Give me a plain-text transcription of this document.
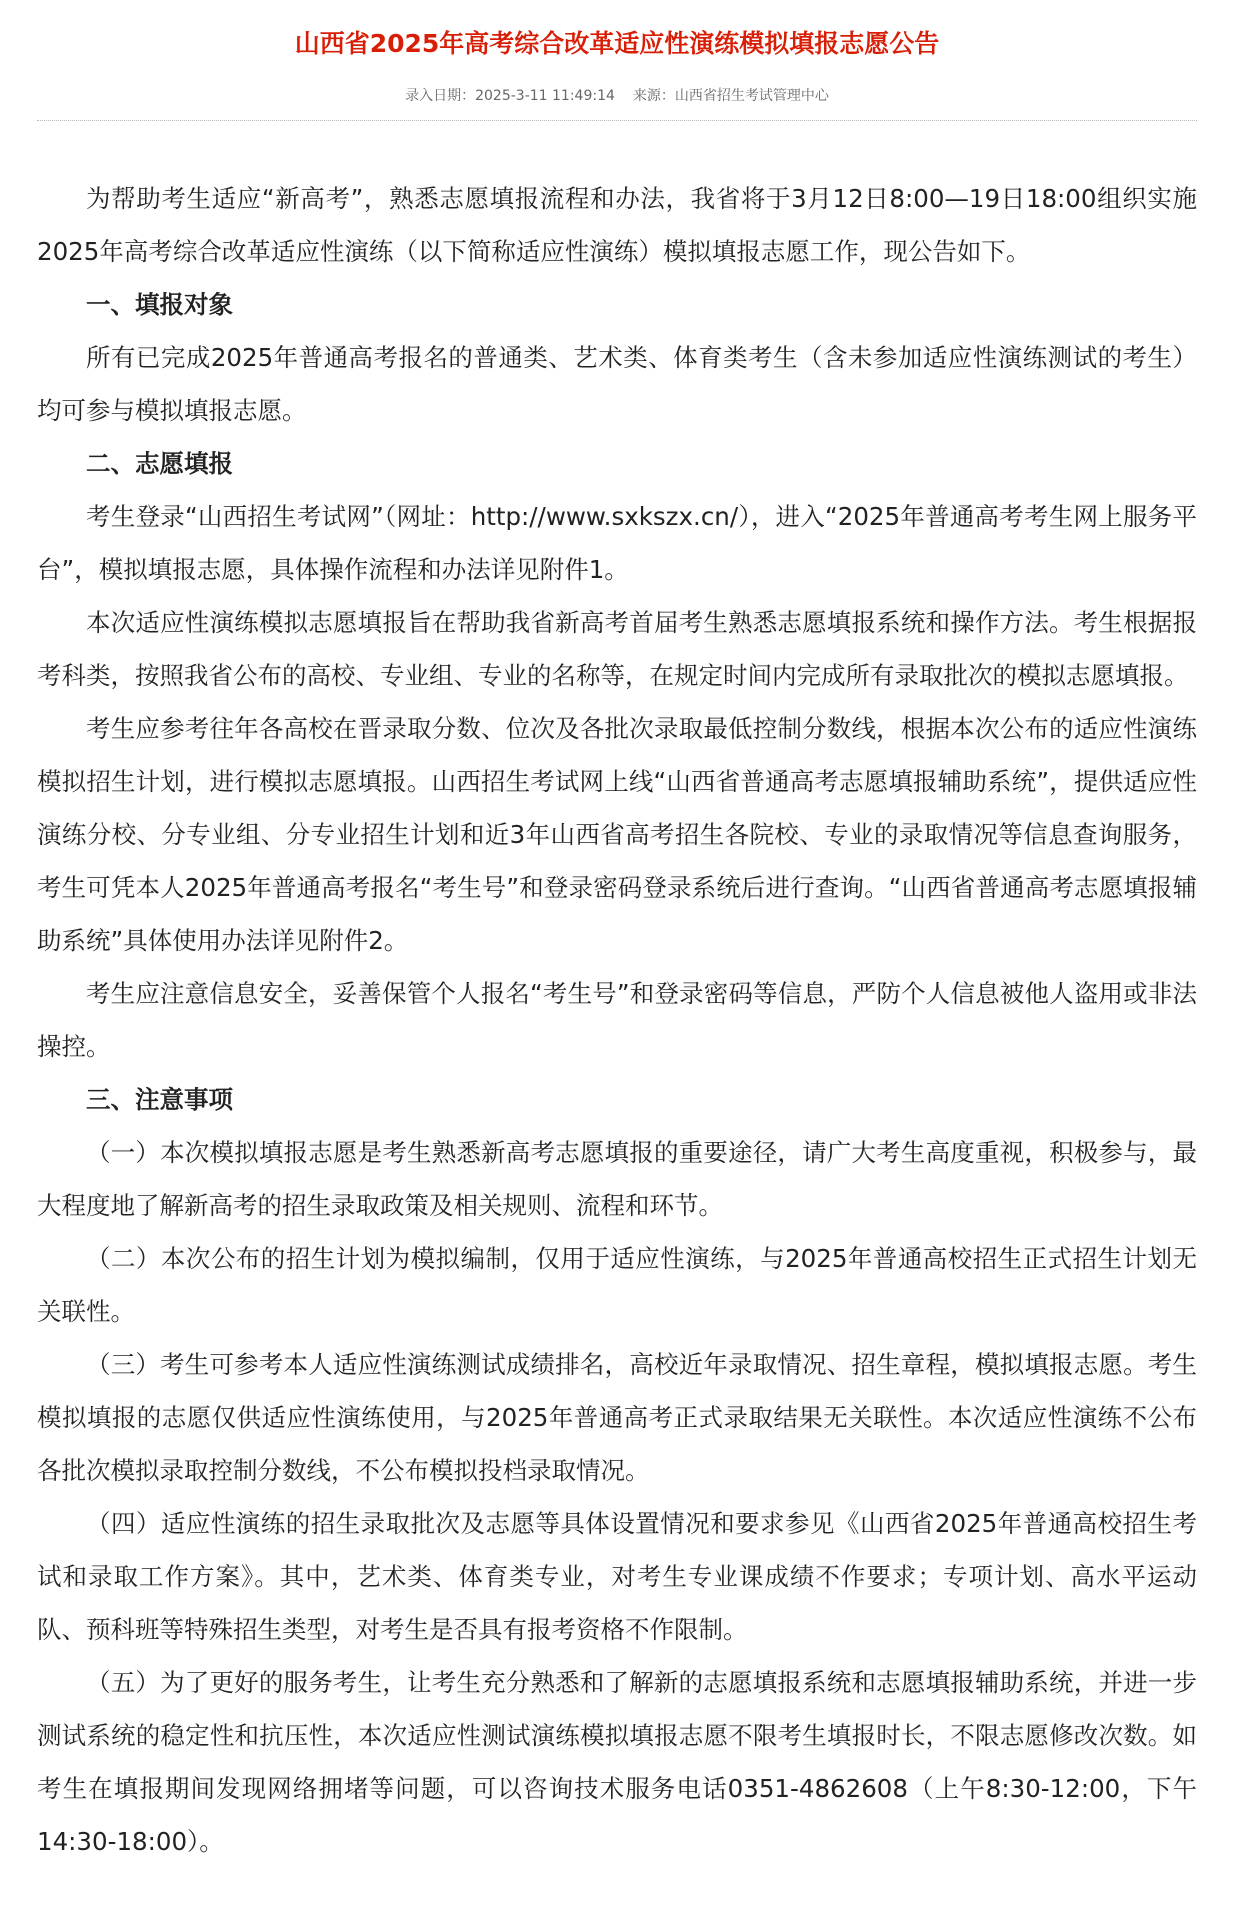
山西省2025年高考综合改革适应性演练模拟填报志愿公告
录入日期：2025-3-11 11:49:14 来源：山西省招生考试管理中心

为帮助考生适应“新高考”，熟悉志愿填报流程和办法，我省将于3月12日8:00—19日18:00组织实施2025年高考综合改革适应性演练（以下简称适应性演练）模拟填报志愿工作，现公告如下。

一、填报对象

所有已完成2025年普通高考报名的普通类、艺术类、体育类考生（含未参加适应性演练测试的考生）均可参与模拟填报志愿。

二、志愿填报

考生登录“山西招生考试网”（网址：http://www.sxkszx.cn/），进入“2025年普通高考考生网上服务平台”，模拟填报志愿，具体操作流程和办法详见附件1。

本次适应性演练模拟志愿填报旨在帮助我省新高考首届考生熟悉志愿填报系统和操作方法。考生根据报考科类，按照我省公布的高校、专业组、专业的名称等，在规定时间内完成所有录取批次的模拟志愿填报。

考生应参考往年各高校在晋录取分数、位次及各批次录取最低控制分数线，根据本次公布的适应性演练模拟招生计划，进行模拟志愿填报。山西招生考试网上线“山西省普通高考志愿填报辅助系统”，提供适应性演练分校、分专业组、分专业招生计划和近3年山西省高考招生各院校、专业的录取情况等信息查询服务，考生可凭本人2025年普通高考报名“考生号”和登录密码登录系统后进行查询。“山西省普通高考志愿填报辅助系统”具体使用办法详见附件2。

考生应注意信息安全，妥善保管个人报名“考生号”和登录密码等信息，严防个人信息被他人盗用或非法操控。

三、注意事项

（一）本次模拟填报志愿是考生熟悉新高考志愿填报的重要途径，请广大考生高度重视，积极参与，最大程度地了解新高考的招生录取政策及相关规则、流程和环节。

（二）本次公布的招生计划为模拟编制，仅用于适应性演练，与2025年普通高校招生正式招生计划无关联性。

（三）考生可参考本人适应性演练测试成绩排名，高校近年录取情况、招生章程，模拟填报志愿。考生模拟填报的志愿仅供适应性演练使用，与2025年普通高考正式录取结果无关联性。本次适应性演练不公布各批次模拟录取控制分数线，不公布模拟投档录取情况。

（四）适应性演练的招生录取批次及志愿等具体设置情况和要求参见《山西省2025年普通高校招生考试和录取工作方案》。其中，艺术类、体育类专业，对考生专业课成绩不作要求；专项计划、高水平运动队、预科班等特殊招生类型，对考生是否具有报考资格不作限制。

（五）为了更好的服务考生，让考生充分熟悉和了解新的志愿填报系统和志愿填报辅助系统，并进一步测试系统的稳定性和抗压性，本次适应性测试演练模拟填报志愿不限考生填报时长，不限志愿修改次数。如考生在填报期间发现网络拥堵等问题，可以咨询技术服务电话0351-4862608（上午8:30-12:00，下午14:30-18:00）。
